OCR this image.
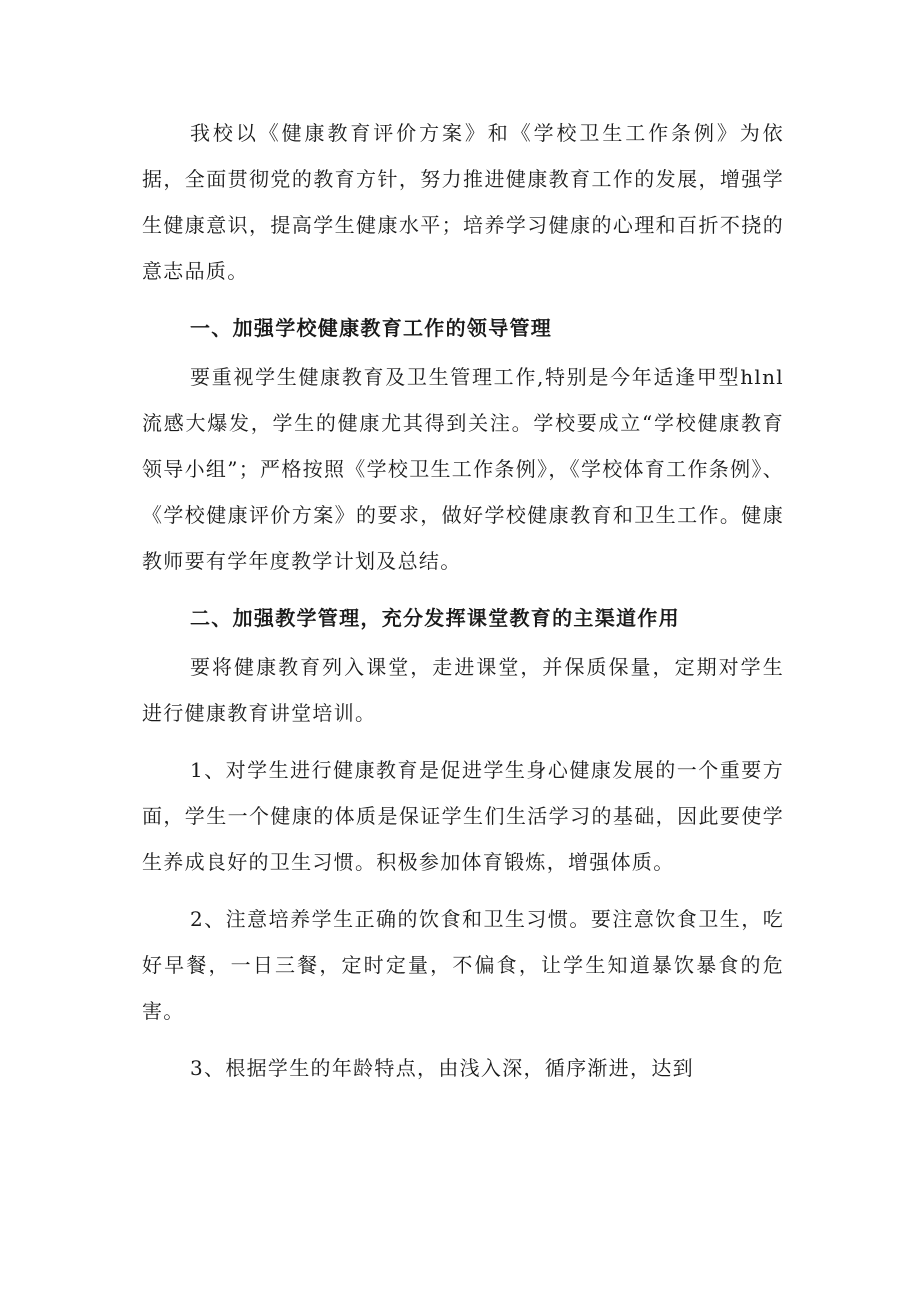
我校以《健康教育评价方案》和《学校卫生工作条例》为依据，全面贯彻党的教育方针，努力推进健康教育工作的发展，增强学生健康意识，提高学生健康水平；培养学习健康的心理和百折不挠的意志品质。

一、加强学校健康教育工作的领导管理

要重视学生健康教育及卫生管理工作,特别是今年适逢甲型hlnl流感大爆发，学生的健康尤其得到关注。学校要成立“学校健康教育领导小组”；严格按照《学校卫生工作条例》，《学校体育工作条例》、《学校健康评价方案》的要求，做好学校健康教育和卫生工作。健康教师要有学年度教学计划及总结。

二、加强教学管理，充分发挥课堂教育的主渠道作用

要将健康教育列入课堂，走进课堂，并保质保量，定期对学生进行健康教育讲堂培训。

1、对学生进行健康教育是促进学生身心健康发展的一个重要方面，学生一个健康的体质是保证学生们生活学习的基础，因此要使学生养成良好的卫生习惯。积极参加体育锻炼，增强体质。

2、注意培养学生正确的饮食和卫生习惯。要注意饮食卫生，吃好早餐，一日三餐，定时定量，不偏食，让学生知道暴饮暴食的危害。

3、根据学生的年龄特点，由浅入深，循序渐进，达到
